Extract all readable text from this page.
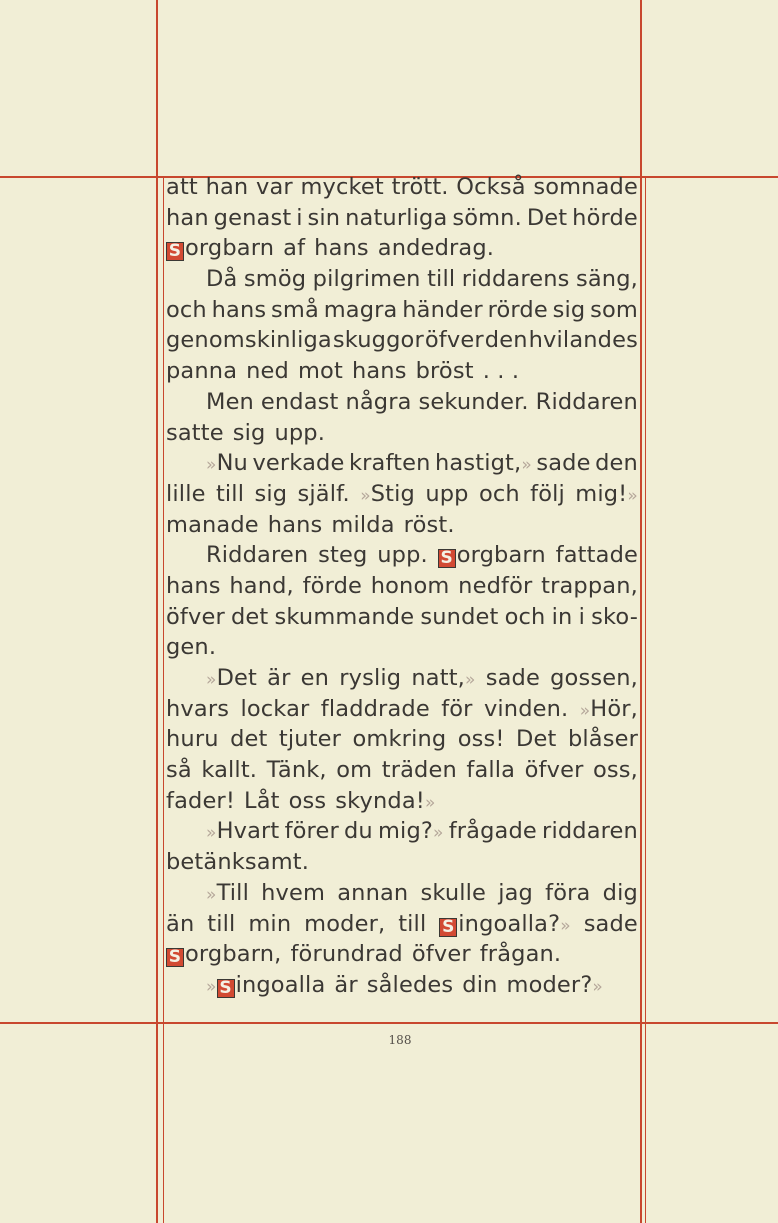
att han var mycket trött. Också somnade
han genast i sin naturliga sömn. Det hörde
S orgbarn af hans andedrag.
Då smög pilgrimen till riddarens säng,
och hans små magra händer rörde sig som
genomskinliga skuggor öfver den hvilandes
panna ned mot hans bröst . . .
Men endast några sekunder. Riddaren
satte sig upp.
»Nu verkade kraften hastigt,» sade den
lille till sig själf. »Stig upp och följ mig!»
manade hans milda röst.
Riddaren steg upp. S orgbarn fattade
hans hand, förde honom nedför trappan,
öfver det skummande sundet och in i sko-
gen.
»Det är en ryslig natt,» sade gossen,
hvars lockar fladdrade för vinden. »Hör,
huru det tjuter omkring oss! Det blåser
så kallt. Tänk, om träden falla öfver oss,
fader! Låt oss skynda!»
»Hvart förer du mig?» frågade riddaren
betänksamt.
»Till hvem annan skulle jag föra dig
än till min moder, till S ingoalla?» sade
S orgbarn, förundrad öfver frågan.
» S ingoalla är således din moder?»
188
